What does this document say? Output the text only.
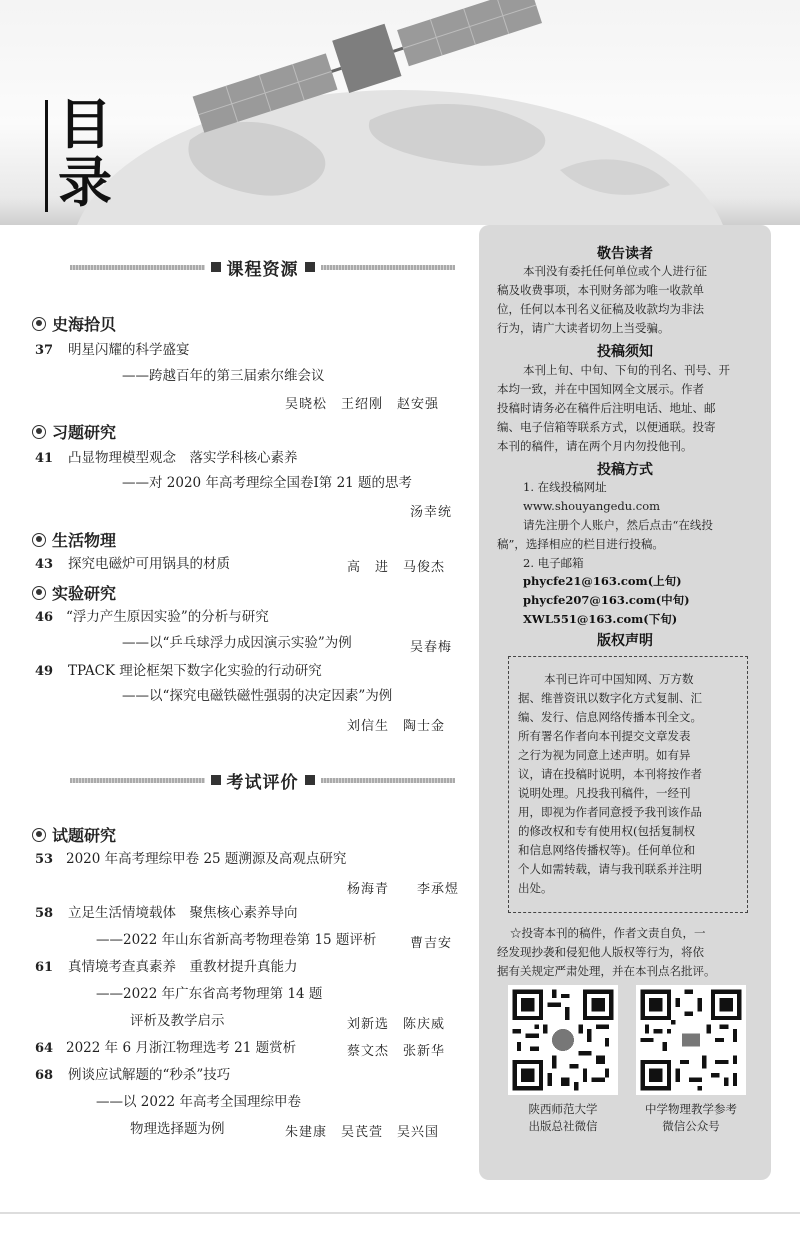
目
录
课程资源
史海拾贝
37 明星闪耀的科学盛宴
——跨越百年的第三届索尔维会议
吴晓松　王绍刚　赵安强
习题研究
41 凸显物理模型观念　落实学科核心素养
——对 2020 年高考理综全国卷Ⅰ第 21 题的思考
汤幸统
生活物理
43 探究电磁炉可用锅具的材质	高　进　马俊杰
实验研究
46 “浮力产生原因实验”的分析与研究
——以“乒乓球浮力成因演示实验”为例	吴春梅
49 TPACK 理论框架下数字化实验的行动研究
——以“探究电磁铁磁性强弱的决定因素”为例
刘信生　陶士金
考试评价
试题研究
53 2020 年高考理综甲卷 25 题溯源及高观点研究
杨海青　　李承煜
58 立足生活情境载体　聚焦核心素养导向
——2022 年山东省新高考物理卷第 15 题评析	曹吉安
61 真情境考查真素养　重教材提升真能力
——2022 年广东省高考物理第 14 题
评析及教学启示	刘新选　陈庆威
64 2022 年 6 月浙江物理选考 21 题赏析	蔡文杰　张新华
68 例谈应试解题的“秒杀”技巧
——以 2022 年高考全国理综甲卷
物理选择题为例	朱建康　吴芪萱　吴兴国
敬告读者
本刊没有委托任何单位或个人进行征
稿及收费事项，本刊财务部为唯一收款单
位，任何以本刊名义征稿及收款均为非法
行为，请广大读者切勿上当受骗。
投稿须知
本刊上旬、中旬、下旬的刊名、刊号、开
本均一致，并在中国知网全文展示。作者
投稿时请务必在稿件后注明电话、地址、邮
编、电子信箱等联系方式，以便通联。投寄
本刊的稿件，请在两个月内勿投他刊。
投稿方式
1. 在线投稿网址
www.shouyangedu.com
请先注册个人账户，然后点击“在线投
稿”，选择相应的栏目进行投稿。
2. 电子邮箱
phycfe21@163.com(上旬)
phycfe207@163.com(中旬)
XWL551@163.com(下旬)
版权声明
本刊已许可中国知网、万方数
据、维普资讯以数字化方式复制、汇
编、发行、信息网络传播本刊全文。
所有署名作者向本刊提交文章发表
之行为视为同意上述声明。如有异
议，请在投稿时说明，本刊将按作者
说明处理。凡投我刊稿件，一经刊
用，即视为作者同意授予我刊该作品
的修改权和专有使用权(包括复制权
和信息网络传播权等)。任何单位和
个人如需转载，请与我刊联系并注明
出处。
☆投寄本刊的稿件，作者文责自负，一
经发现抄袭和侵犯他人版权等行为，将依
据有关规定严肃处理，并在本刊点名批评。
陕西师范大学
出版总社微信
中学物理教学参考
微信公众号
